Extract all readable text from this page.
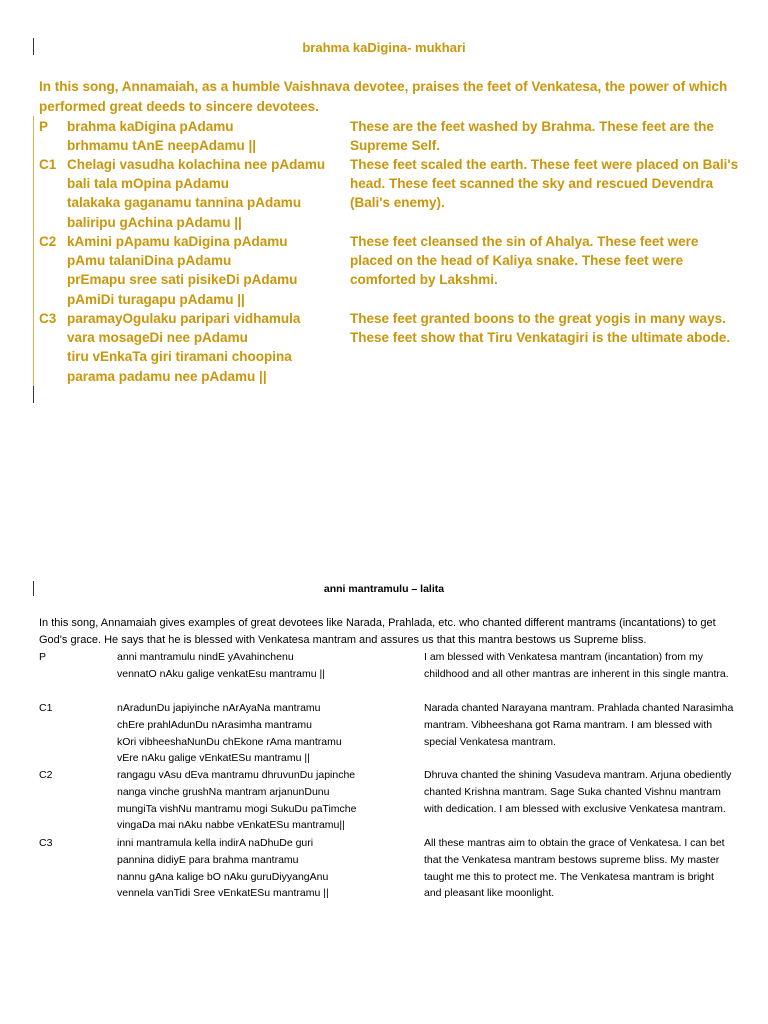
brahma kaDigina- mukhari
In this song, Annamaiah, as a humble Vaishnava devotee, praises the feet of Venkatesa, the power of which performed great deeds to sincere devotees.
P brahma kaDigina pAdamu
brhmamu tAnE neepAdamu ||
These are the feet washed by Brahma. These feet are the Supreme Self.
C1 Chelagi vasudha kolachina nee pAdamu
bali tala mOpina pAdamu
talakaka gaganamu tannina pAdamu
baliripu gAchina pAdamu ||
These feet scaled the earth. These feet were placed on Bali's head. These feet scanned the sky and rescued Devendra (Bali's enemy).
C2 kAmini pApamu kaDigina pAdamu
pAmu talaniDina pAdamu
prEmapu sree sati pisikeDi pAdamu
pAmiDi turagapu pAdamu ||
These feet cleansed the sin of Ahalya. These feet were placed on the head of Kaliya snake. These feet were comforted by Lakshmi.
C3 paramayOgulaku paripari vidhamula
vara mosageDi nee pAdamu
tiru vEnkaTa giri tiramani choopina
parama padamu nee pAdamu ||
These feet granted boons to the great yogis in many ways. These feet show that Tiru Venkatagiri is the ultimate abode.
anni mantramulu – lalita
In this song, Annamaiah gives examples of great devotees like Narada, Prahlada, etc. who chanted different mantrams (incantations) to get God's grace. He says that he is blessed with Venkatesa mantram and assures us that this mantra bestows us Supreme bliss.
P	anni mantramulu nindE yAvahinchenu
vennatO nAku galige venkatEsu mantramu ||
I am blessed with Venkatesa mantram (incantation) from my childhood and all other mantras are inherent in this single mantra.
C1	nAradunDu japiyinche nArAyaNa mantramu
chEre prahlAdunDu nArasimha mantramu
kOri vibheeshaNunDu chEkone rAma mantramu
vEre nAku galige vEnkatESu mantramu ||
Narada chanted Narayana mantram. Prahlada chanted Narasimha mantram. Vibheeshana got Rama mantram. I am blessed with special Venkatesa mantram.
C2	rangagu vAsu dEva mantramu dhruvunDu japinche
nanga vinche grushNa mantram arjanunDunu
mungiTa vishNu mantramu mogi SukuDu paTimche
vingaDa mai nAku nabbe vEnkatESu mantramu||
Dhruva chanted the shining Vasudeva mantram. Arjuna obediently chanted Krishna mantram. Sage Suka chanted Vishnu mantram with dedication. I am blessed with exclusive Venkatesa mantram.
C3	inni mantramula kella indirA naDhuDe guri
pannina didiyE para brahma mantramu
nannu gAna kalige bO nAku guruDiyyangAnu
vennela vanTidi Sree vEnkatESu mantramu ||
All these mantras aim to obtain the grace of Venkatesa. I can bet that the Venkatesa mantram bestows supreme bliss. My master taught me this to protect me. The Venkatesa mantram is bright and pleasant like moonlight.
